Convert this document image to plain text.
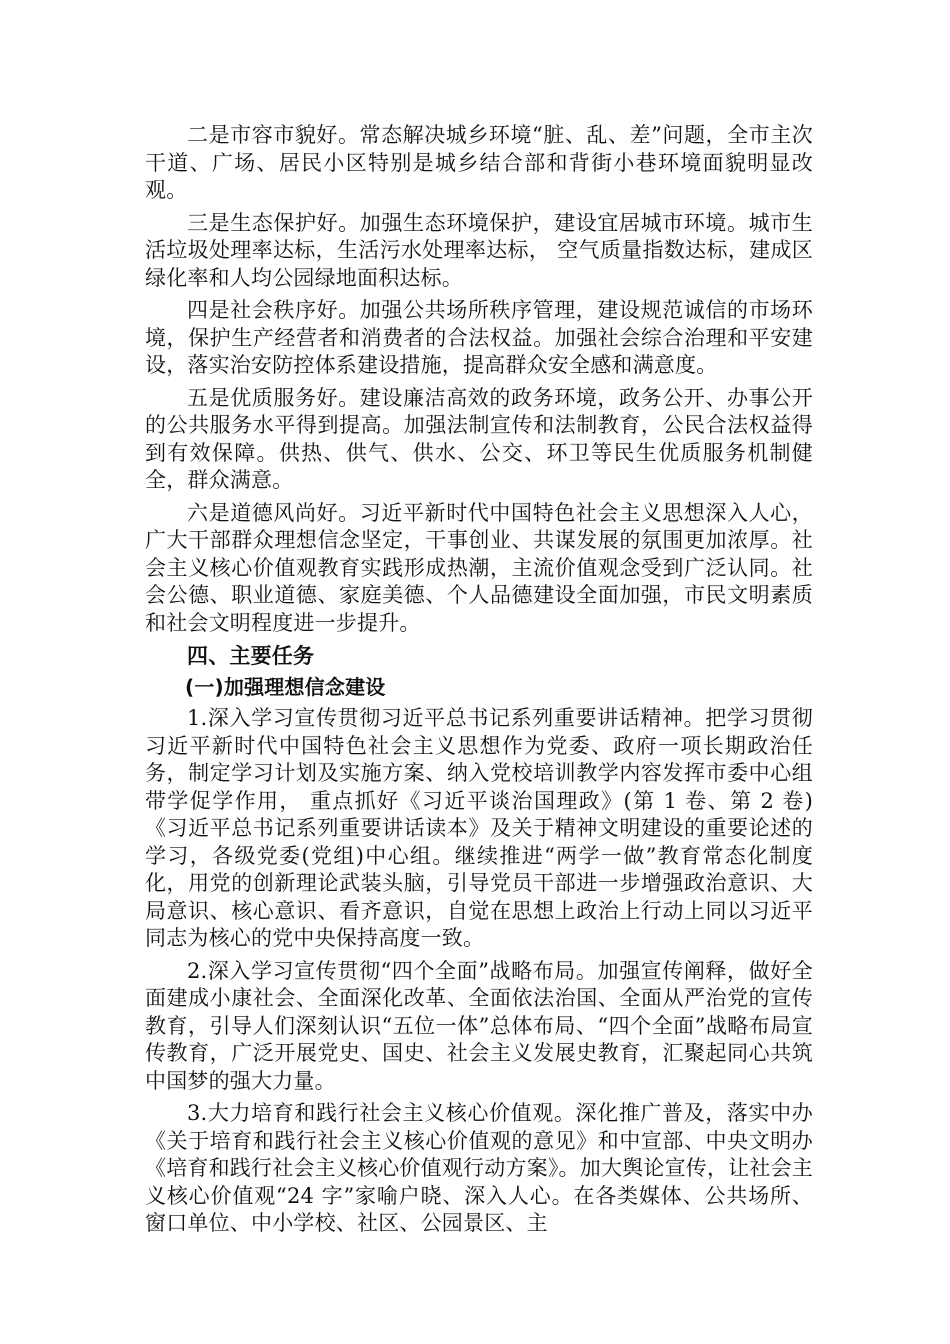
二是市容市貌好。常态解决城乡环境“脏、乱、差”问题，全市主次干道、广场、居民小区特别是城乡结合部和背街小巷环境面貌明显改观。

三是生态保护好。加强生态环境保护，建设宜居城市环境。城市生活垃圾处理率达标，生活污水处理率达标， 空气质量指数达标，建成区绿化率和人均公园绿地面积达标。

四是社会秩序好。加强公共场所秩序管理，建设规范诚信的市场环境，保护生产经营者和消费者的合法权益。加强社会综合治理和平安建设，落实治安防控体系建设措施，提高群众安全感和满意度。

五是优质服务好。建设廉洁高效的政务环境，政务公开、办事公开的公共服务水平得到提高。加强法制宣传和法制教育，公民合法权益得到有效保障。供热、供气、供水、公交、环卫等民生优质服务机制健全，群众满意。

六是道德风尚好。习近平新时代中国特色社会主义思想深入人心，广大干部群众理想信念坚定，干事创业、共谋发展的氛围更加浓厚。社会主义核心价值观教育实践形成热潮，主流价值观念受到广泛认同。社会公德、职业道德、家庭美德、个人品德建设全面加强，市民文明素质和社会文明程度进一步提升。

四、主要任务
(一)加强理想信念建设

1.深入学习宣传贯彻习近平总书记系列重要讲话精神。把学习贯彻习近平新时代中国特色社会主义思想作为党委、政府一项长期政治任务，制定学习计划及实施方案、纳入党校培训教学内容发挥市委中心组带学促学作用， 重点抓好《习近平谈治国理政》(第 1 卷、第 2 卷)《习近平总书记系列重要讲话读本》及关于精神文明建设的重要论述的学习，各级党委(党组)中心组。继续推进“两学一做”教育常态化制度化，用党的创新理论武装头脑，引导党员干部进一步增强政治意识、大局意识、核心意识、看齐意识，自觉在思想上政治上行动上同以习近平同志为核心的党中央保持高度一致。

2.深入学习宣传贯彻“四个全面”战略布局。加强宣传阐释，做好全面建成小康社会、全面深化改革、全面依法治国、全面从严治党的宣传教育，引导人们深刻认识“五位一体”总体布局、“四个全面”战略布局宣传教育，广泛开展党史、国史、社会主义发展史教育，汇聚起同心共筑中国梦的强大力量。

3.大力培育和践行社会主义核心价值观。深化推广普及，落实中办《关于培育和践行社会主义核心价值观的意见》和中宣部、中央文明办《培育和践行社会主义核心价值观行动方案》。加大舆论宣传，让社会主义核心价值观“24 字”家喻户晓、深入人心。在各类媒体、公共场所、窗口单位、中小学校、社区、公园景区、主
